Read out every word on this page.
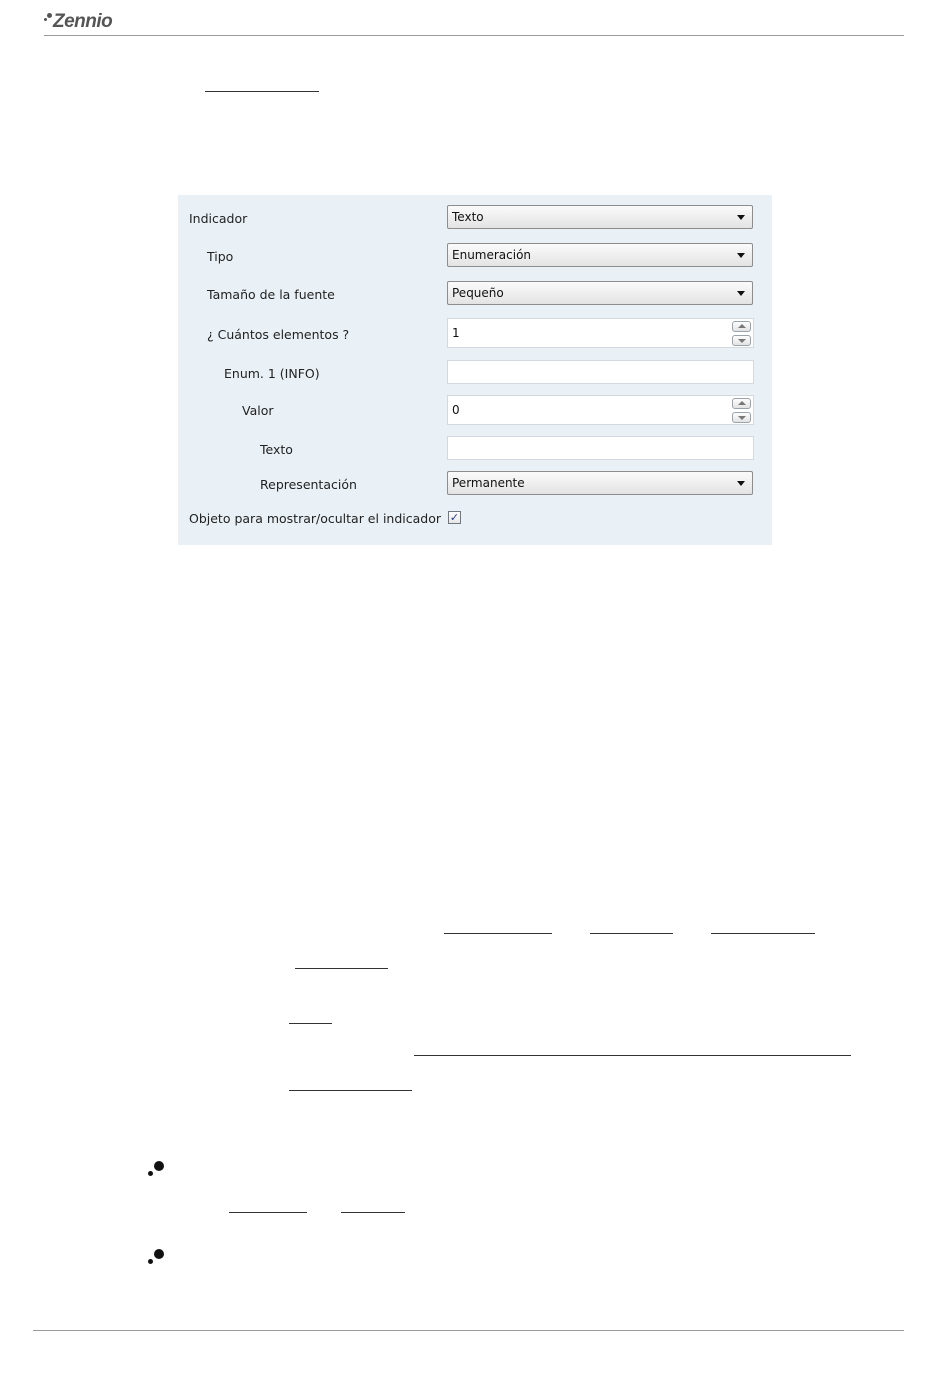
Zennio
Indicador	Texto
Tipo	Enumeración
Tamaño de la fuente	Pequeño
¿ Cuántos elementos ?	1
Enum. 1 (INFO)
Valor	0
Texto
Representación	Permanente
Objeto para mostrar/ocultar el indicador ✓
